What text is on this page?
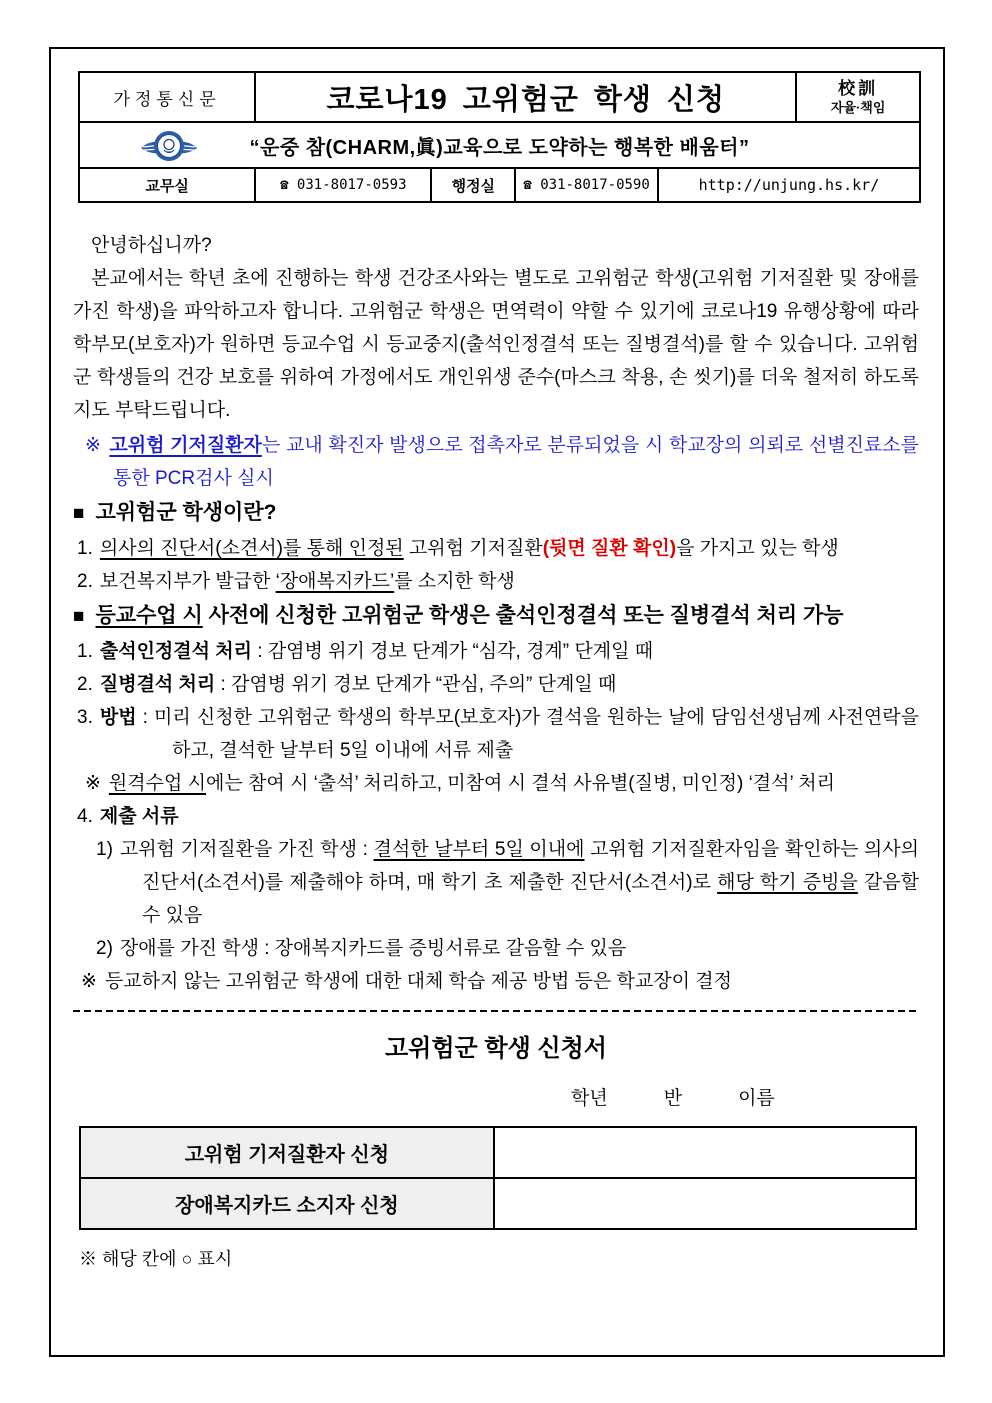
가정통신문	코로나19 고위험군 학생 신청	校訓
자율·책임
“운중 참(CHARM,眞)교육으로 도약하는 행복한 배움터”
교무실	☎ 031-8017-0593	행정실	☎ 031-8017-0590	http://unjung.hs.kr/

안녕하십니까?

본교에서는 학년 초에 진행하는 학생 건강조사와는 별도로 고위험군 학생(고위험 기저질환 및 장애를 가진 학생)을 파악하고자 합니다. 고위험군 학생은 면역력이 약할 수 있기에 코로나19 유행상황에 따라 학부모(보호자)가 원하면 등교수업 시 등교중지(출석인정결석 또는 질병결석)를 할 수 있습니다. 고위험군 학생들의 건강 보호를 위하여 가정에서도 개인위생 준수(마스크 착용, 손 씻기)를 더욱 철저히 하도록 지도 부탁드립니다.

※ 고위험 기저질환자는 교내 확진자 발생으로 접촉자로 분류되었을 시 학교장의 의뢰로 선별진료소를 통한 PCR검사 실시

■ 고위험군 학생이란?

1. 의사의 진단서(소견서)를 통해 인정된 고위험 기저질환(뒷면 질환 확인)을 가지고 있는 학생

2. 보건복지부가 발급한 ‘장애복지카드’를 소지한 학생

■ 등교수업 시 사전에 신청한 고위험군 학생은 출석인정결석 또는 질병결석 처리 가능

1. 출석인정결석 처리 : 감염병 위기 경보 단계가 “심각, 경계” 단계일 때

2. 질병결석 처리 : 감염병 위기 경보 단계가 “관심, 주의” 단계일 때

3. 방법 : 미리 신청한 고위험군 학생의 학부모(보호자)가 결석을 원하는 날에 담임선생님께 사전연락을 하고, 결석한 날부터 5일 이내에 서류 제출

※ 원격수업 시에는 참여 시 ‘출석’ 처리하고, 미참여 시 결석 사유별(질병, 미인정) ‘결석’ 처리

4. 제출 서류

1) 고위험 기저질환을 가진 학생 : 결석한 날부터 5일 이내에 고위험 기저질환자임을 확인하는 의사의 진단서(소견서)를 제출해야 하며, 매 학기 초 제출한 진단서(소견서)로 해당 학기 증빙을 갈음할 수 있음

2) 장애를 가진 학생 : 장애복지카드를 증빙서류로 갈음할 수 있음

※ 등교하지 않는 고위험군 학생에 대한 대체 학습 제공 방법 등은 학교장이 결정

고위험군 학생 신청서

학년	반	이름
고위험 기저질환자 신청	
장애복지카드 소지자 신청	

※ 해당 칸에 ○ 표시
